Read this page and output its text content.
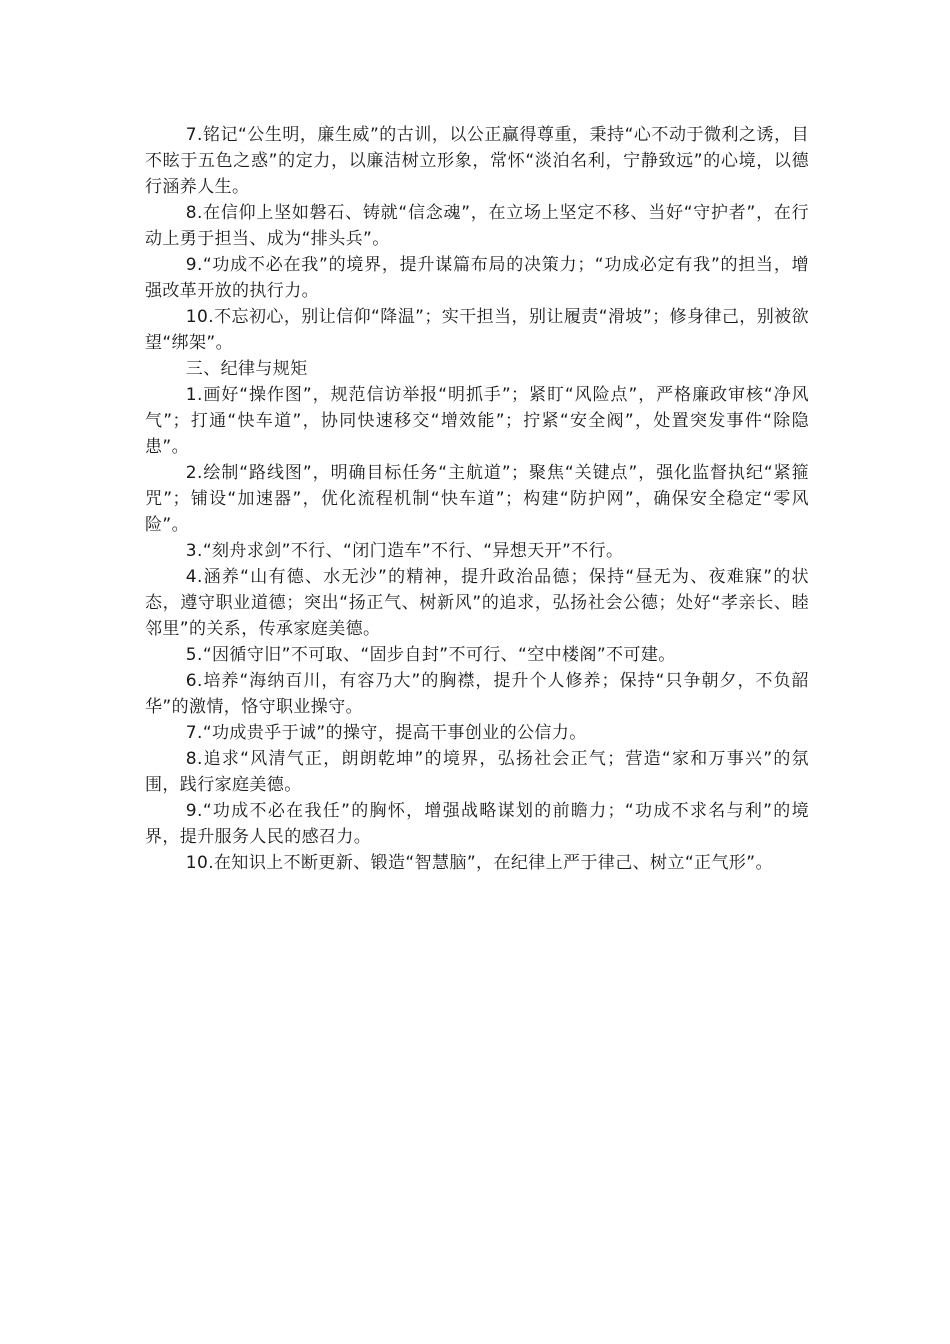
7.铭记“公生明，廉生威”的古训，以公正赢得尊重，秉持“心不动于微利之诱，目不眩于五色之惑”的定力，以廉洁树立形象，常怀“淡泊名利，宁静致远”的心境，以德行涵养人生。

8.在信仰上坚如磐石、铸就“信念魂”，在立场上坚定不移、当好“守护者”，在行动上勇于担当、成为“排头兵”。

9.“功成不必在我”的境界，提升谋篇布局的决策力；“功成必定有我”的担当，增强改革开放的执行力。

10.不忘初心，别让信仰“降温”；实干担当，别让履责“滑坡”；修身律己，别被欲望“绑架”。

三、纪律与规矩

1.画好“操作图”，规范信访举报“明抓手”；紧盯“风险点”，严格廉政审核“净风气”；打通“快车道”，协同快速移交“增效能”；拧紧“安全阀”，处置突发事件“除隐患”。

2.绘制“路线图”，明确目标任务“主航道”；聚焦“关键点”，强化监督执纪“紧箍咒”；铺设“加速器”，优化流程机制“快车道”；构建“防护网”，确保安全稳定“零风险”。

3.“刻舟求剑”不行、“闭门造车”不行、“异想天开”不行。

4.涵养“山有德、水无沙”的精神，提升政治品德；保持“昼无为、夜难寐”的状态，遵守职业道德；突出“扬正气、树新风”的追求，弘扬社会公德；处好“孝亲长、睦邻里”的关系，传承家庭美德。

5.“因循守旧”不可取、“固步自封”不可行、“空中楼阁”不可建。

6.培养“海纳百川，有容乃大”的胸襟，提升个人修养；保持“只争朝夕，不负韶华”的激情，恪守职业操守。

7.“功成贵乎于诚”的操守，提高干事创业的公信力。

8.追求“风清气正，朗朗乾坤”的境界，弘扬社会正气；营造“家和万事兴”的氛围，践行家庭美德。

9.“功成不必在我任”的胸怀，增强战略谋划的前瞻力；“功成不求名与利”的境界，提升服务人民的感召力。

10.在知识上不断更新、锻造“智慧脑”，在纪律上严于律己、树立“正气形”。
